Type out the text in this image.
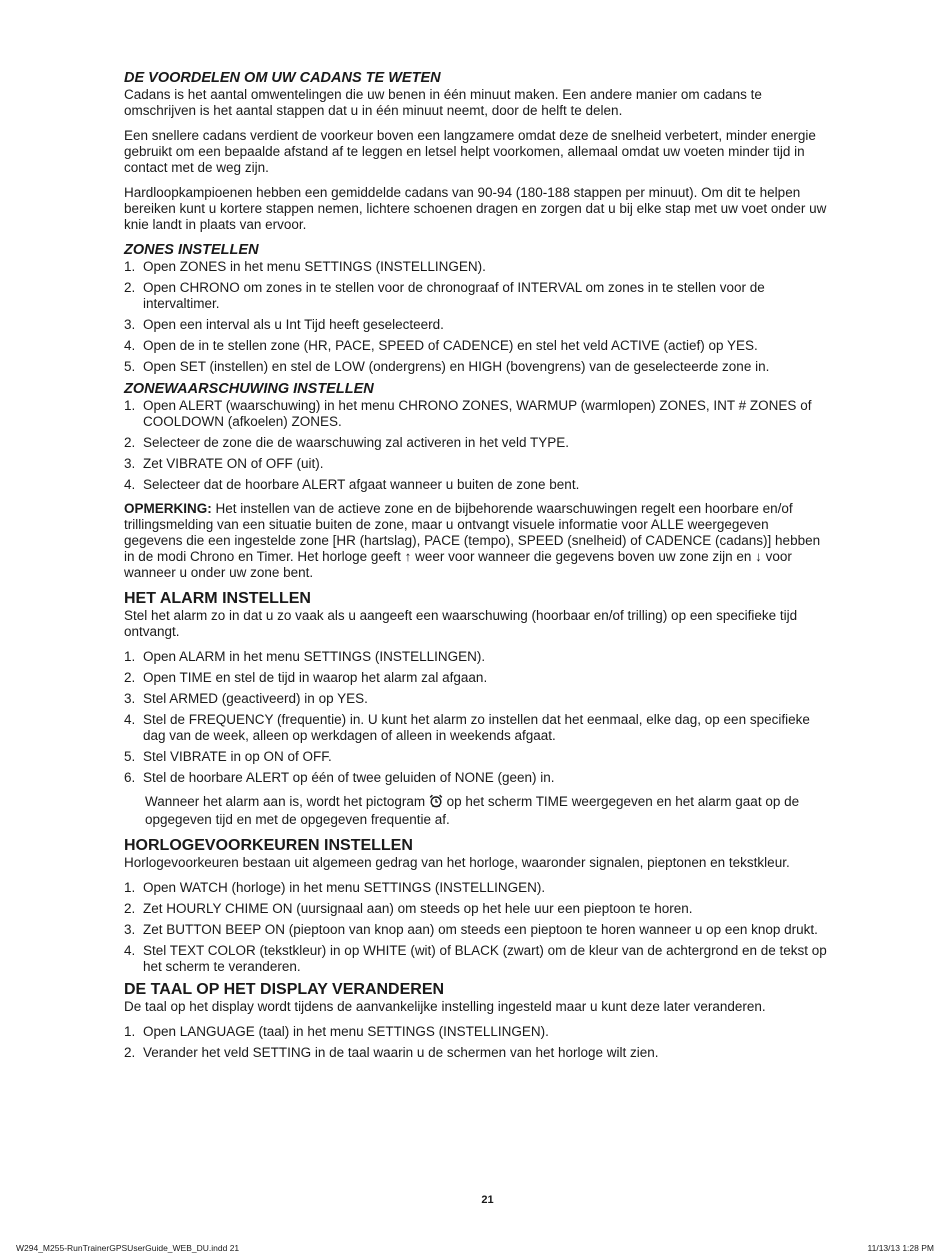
DE VOORDELEN OM UW CADANS TE WETEN

Cadans is het aantal omwentelingen die uw benen in één minuut maken. Een andere manier om cadans te omschrijven is het aantal stappen dat u in één minuut neemt, door de helft te delen.

Een snellere cadans verdient de voorkeur boven een langzamere omdat deze de snelheid verbetert, minder energie gebruikt om een bepaalde afstand af te leggen en letsel helpt voorkomen, allemaal omdat uw voeten minder tijd in contact met de weg zijn.

Hardloopkampioenen hebben een gemiddelde cadans van 90-94 (180-188 stappen per minuut). Om dit te helpen bereiken kunt u kortere stappen nemen, lichtere schoenen dragen en zorgen dat u bij elke stap met uw voet onder uw knie landt in plaats van ervoor.

ZONES INSTELLEN
1. Open ZONES in het menu SETTINGS (INSTELLINGEN).
2. Open CHRONO om zones in te stellen voor de chronograaf of INTERVAL om zones in te stellen voor de intervaltimer.
3. Open een interval als u Int Tijd heeft geselecteerd.
4. Open de in te stellen zone (HR, PACE, SPEED of CADENCE) en stel het veld ACTIVE (actief) op YES.
5. Open SET (instellen) en stel de LOW (ondergrens) en HIGH (bovengrens) van de geselecteerde zone in.
ZONEWAARSCHUWING INSTELLEN
1. Open ALERT (waarschuwing) in het menu CHRONO ZONES, WARMUP (warmlopen) ZONES, INT # ZONES of COOLDOWN (afkoelen) ZONES.
2. Selecteer de zone die de waarschuwing zal activeren in het veld TYPE.
3. Zet VIBRATE ON of OFF (uit).
4. Selecteer dat de hoorbare ALERT afgaat wanneer u buiten de zone bent.

OPMERKING: Het instellen van de actieve zone en de bijbehorende waarschuwingen regelt een hoorbare en/of trillingsmelding van een situatie buiten de zone, maar u ontvangt visuele informatie voor ALLE weergegeven gegevens die een ingestelde zone [HR (hartslag), PACE (tempo), SPEED (snelheid) of CADENCE (cadans)] hebben in de modi Chrono en Timer. Het horloge geeft ↑ weer voor wanneer die gegevens boven uw zone zijn en ↓ voor wanneer u onder uw zone bent.

HET ALARM INSTELLEN

Stel het alarm zo in dat u zo vaak als u aangeeft een waarschuwing (hoorbaar en/of trilling) op een specifieke tijd ontvangt.

1. Open ALARM in het menu SETTINGS (INSTELLINGEN).
2. Open TIME en stel de tijd in waarop het alarm zal afgaan.
3. Stel ARMED (geactiveerd) in op YES.
4. Stel de FREQUENCY (frequentie) in. U kunt het alarm zo instellen dat het eenmaal, elke dag, op een specifieke dag van de week, alleen op werkdagen of alleen in weekends afgaat.
5. Stel VIBRATE in op ON of OFF.
6. Stel de hoorbare ALERT op één of twee geluiden of NONE (geen) in.

Wanneer het alarm aan is, wordt het pictogram  op het scherm TIME weergegeven en het alarm gaat op de opgegeven tijd en met de opgegeven frequentie af.

HORLOGEVOORKEUREN INSTELLEN

Horlogevoorkeuren bestaan uit algemeen gedrag van het horloge, waaronder signalen, pieptonen en tekstkleur.

1. Open WATCH (horloge) in het menu SETTINGS (INSTELLINGEN).
2. Zet HOURLY CHIME ON (uursignaal aan) om steeds op het hele uur een pieptoon te horen.
3. Zet BUTTON BEEP ON (pieptoon van knop aan) om steeds een pieptoon te horen wanneer u op een knop drukt.
4. Stel TEXT COLOR (tekstkleur) in op WHITE (wit) of BLACK (zwart) om de kleur van de achtergrond en de tekst op het scherm te veranderen.
DE TAAL OP HET DISPLAY VERANDEREN

De taal op het display wordt tijdens de aanvankelijke instelling ingesteld maar u kunt deze later veranderen.

1. Open LANGUAGE (taal) in het menu SETTINGS (INSTELLINGEN).
2. Verander het veld SETTING in de taal waarin u de schermen van het horloge wilt zien.
21
W294_M255-RunTrainerGPSUserGuide_WEB_DU.indd 21	11/13/13 1:28 PM
